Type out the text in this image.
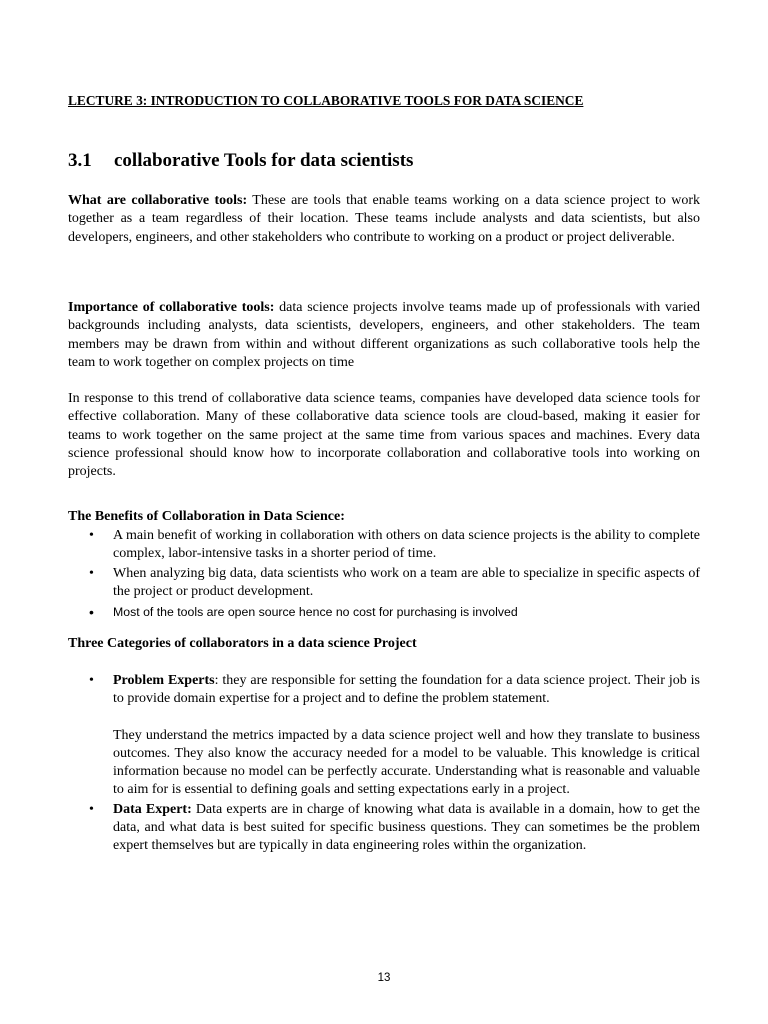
LECTURE 3: INTRODUCTION TO COLLABORATIVE TOOLS FOR DATA SCIENCE
3.1 collaborative Tools for data scientists
What are collaborative tools: These are tools that enable teams working on a data science project to work together as a team regardless of their location. These teams include analysts and data scientists, but also developers, engineers, and other stakeholders who contribute to working on a product or project deliverable.
Importance of collaborative tools: data science projects involve teams made up of professionals with varied backgrounds including analysts, data scientists, developers, engineers, and other stakeholders. The team members may be drawn from within and without different organizations as such collaborative tools help the team to work together on complex projects on time
In response to this trend of collaborative data science teams, companies have developed data science tools for effective collaboration. Many of these collaborative data science tools are cloud-based, making it easier for teams to work together on the same project at the same time from various spaces and machines. Every data science professional should know how to incorporate collaboration and collaborative tools into working on projects.
The Benefits of Collaboration in Data Science:
• A main benefit of working in collaboration with others on data science projects is the ability to complete complex, labor-intensive tasks in a shorter period of time.
• When analyzing big data, data scientists who work on a team are able to specialize in specific aspects of the project or product development.
• Most of the tools are open source hence no cost for purchasing is involved
Three Categories of collaborators in a data science Project
• Problem Experts: they are responsible for setting the foundation for a data science project. Their job is to provide domain expertise for a project and to define the problem statement.
They understand the metrics impacted by a data science project well and how they translate to business outcomes. They also know the accuracy needed for a model to be valuable. This knowledge is critical information because no model can be perfectly accurate. Understanding what is reasonable and valuable to aim for is essential to defining goals and setting expectations early in a project.
• Data Expert: Data experts are in charge of knowing what data is available in a domain, how to get the data, and what data is best suited for specific business questions. They can sometimes be the problem expert themselves but are typically in data engineering roles within the organization.
13
